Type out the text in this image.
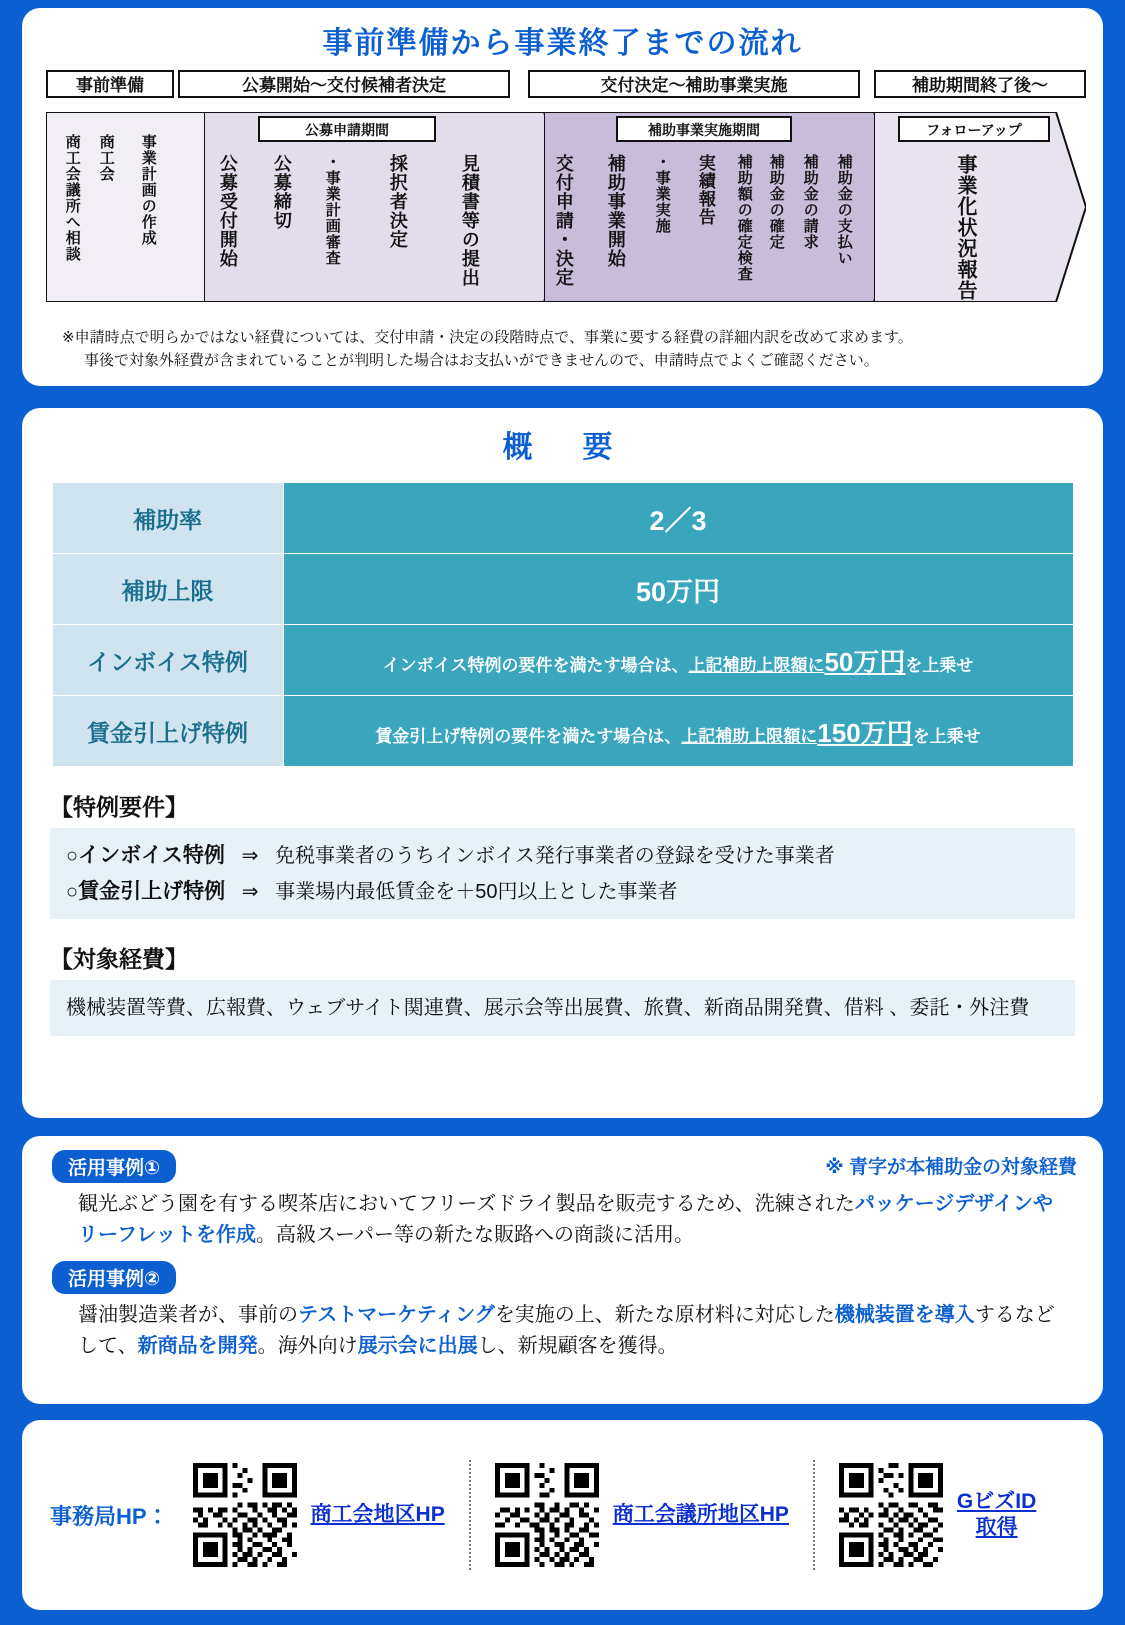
事前準備から事業終了までの流れ
事前準備	公募開始〜交付候補者決定	交付決定〜補助事業実施	補助期間終了後〜
公募申請期間	補助事業実施期間	フォローアップ
商工会議所へ相談 商工会 事業計画の作成	公募受付開始 公募締切 ・事業計画審査	採択者決定	見積書等の提出	交付申請・決定 補助事業開始 ・事業実施 実績報告 補助額の確定検査 補助金の確定 補助金の請求 補助金の支払い	事業化状況報告
※申請時点で明らかではない経費については、交付申請・決定の段階時点で、事業に要する経費の詳細内訳を改めて求めます。
事後で対象外経費が含まれていることが判明した場合はお支払いができませんので、申請時点でよくご確認ください。
概　要
補助率	2／3
補助上限	50万円
インボイス特例	インボイス特例の要件を満たす場合は、上記補助上限額に50万円を上乗せ
賃金引上げ特例	賃金引上げ特例の要件を満たす場合は、上記補助上限額に150万円を上乗せ
【特例要件】
○インボイス特例 ⇒ 免税事業者のうちインボイス発行事業者の登録を受けた事業者
○賃金引上げ特例 ⇒ 事業場内最低賃金を＋50円以上とした事業者
【対象経費】
機械装置等費、広報費、ウェブサイト関連費、展示会等出展費、旅費、新商品開発費、借料 、委託・外注費
※ 青字が本補助金の対象経費
活用事例①
観光ぶどう園を有する喫茶店においてフリーズドライ製品を販売するため、洗練されたパッケージデザインやリーフレットを作成。高級スーパー等の新たな販路への商談に活用。
活用事例②
醤油製造業者が、事前のテストマーケティングを実施の上、新たな原材料に対応した機械装置を導入するなどして、新商品を開発。海外向け展示会に出展し、新規顧客を獲得。
事務局HP：	商工会地区HP	商工会議所地区HP
GビズID
取得
